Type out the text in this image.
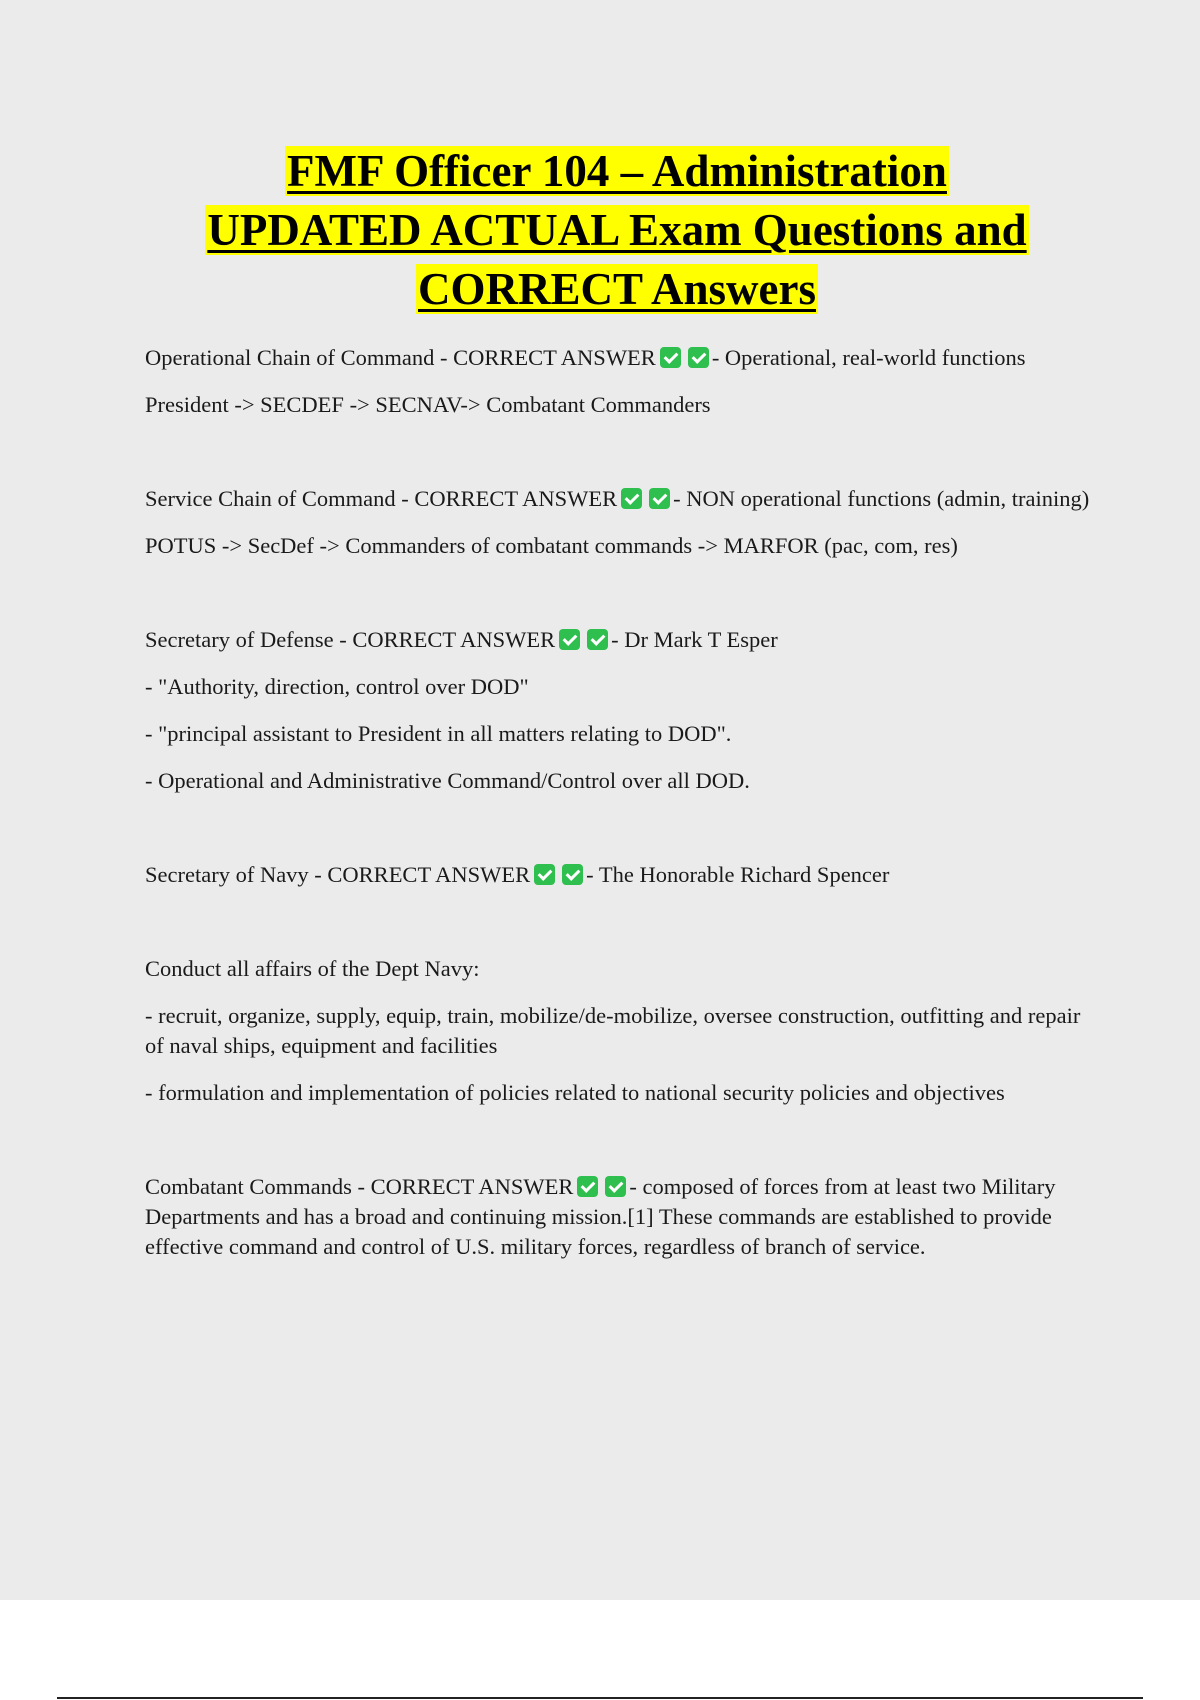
FMF Officer 104 – Administration
UPDATED ACTUAL Exam Questions and
CORRECT Answers

Operational Chain of Command - CORRECT ANSWER - Operational, real-world functions

President -> SECDEF -> SECNAV-> Combatant Commanders

Service Chain of Command - CORRECT ANSWER - NON operational functions (admin, training)

POTUS -> SecDef -> Commanders of combatant commands -> MARFOR (pac, com, res)

Secretary of Defense - CORRECT ANSWER - Dr Mark T Esper

- "Authority, direction, control over DOD"

- "principal assistant to President in all matters relating to DOD".

- Operational and Administrative Command/Control over all DOD.

Secretary of Navy - CORRECT ANSWER - The Honorable Richard Spencer

Conduct all affairs of the Dept Navy:

- recruit, organize, supply, equip, train, mobilize/de-mobilize, oversee construction, outfitting and repair of naval ships, equipment and facilities

- formulation and implementation of policies related to national security policies and objectives

Combatant Commands - CORRECT ANSWER - composed of forces from at least two Military Departments and has a broad and continuing mission.[1] These commands are established to provide effective command and control of U.S. military forces, regardless of branch of service.
